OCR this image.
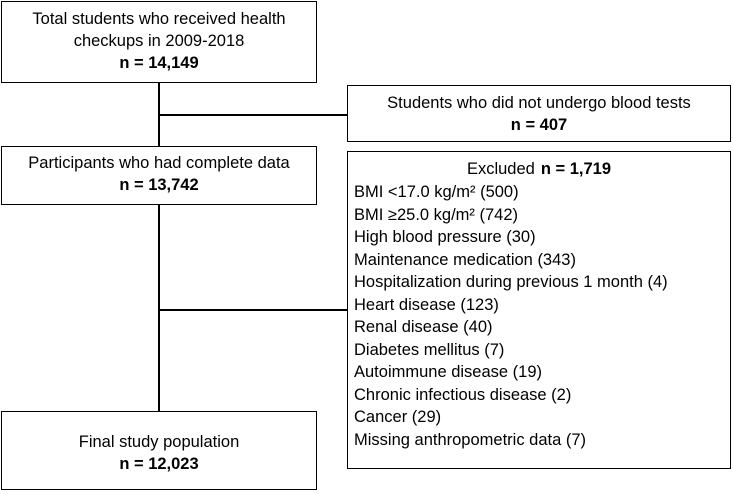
Total students who received health
checkups in 2009-2018
n = 14,149
Students who did not undergo blood tests
n = 407
Participants who had complete data
n = 13,742
Excluded n = 1,719
BMI <17.0 kg/m² (500)
BMI ≥25.0 kg/m² (742)
High blood pressure (30)
Maintenance medication (343)
Hospitalization during previous 1 month (4)
Heart disease (123)
Renal disease (40)
Diabetes mellitus (7)
Autoimmune disease (19)
Chronic infectious disease (2)
Cancer (29)
Missing anthropometric data (7)
Final study population
n = 12,023
